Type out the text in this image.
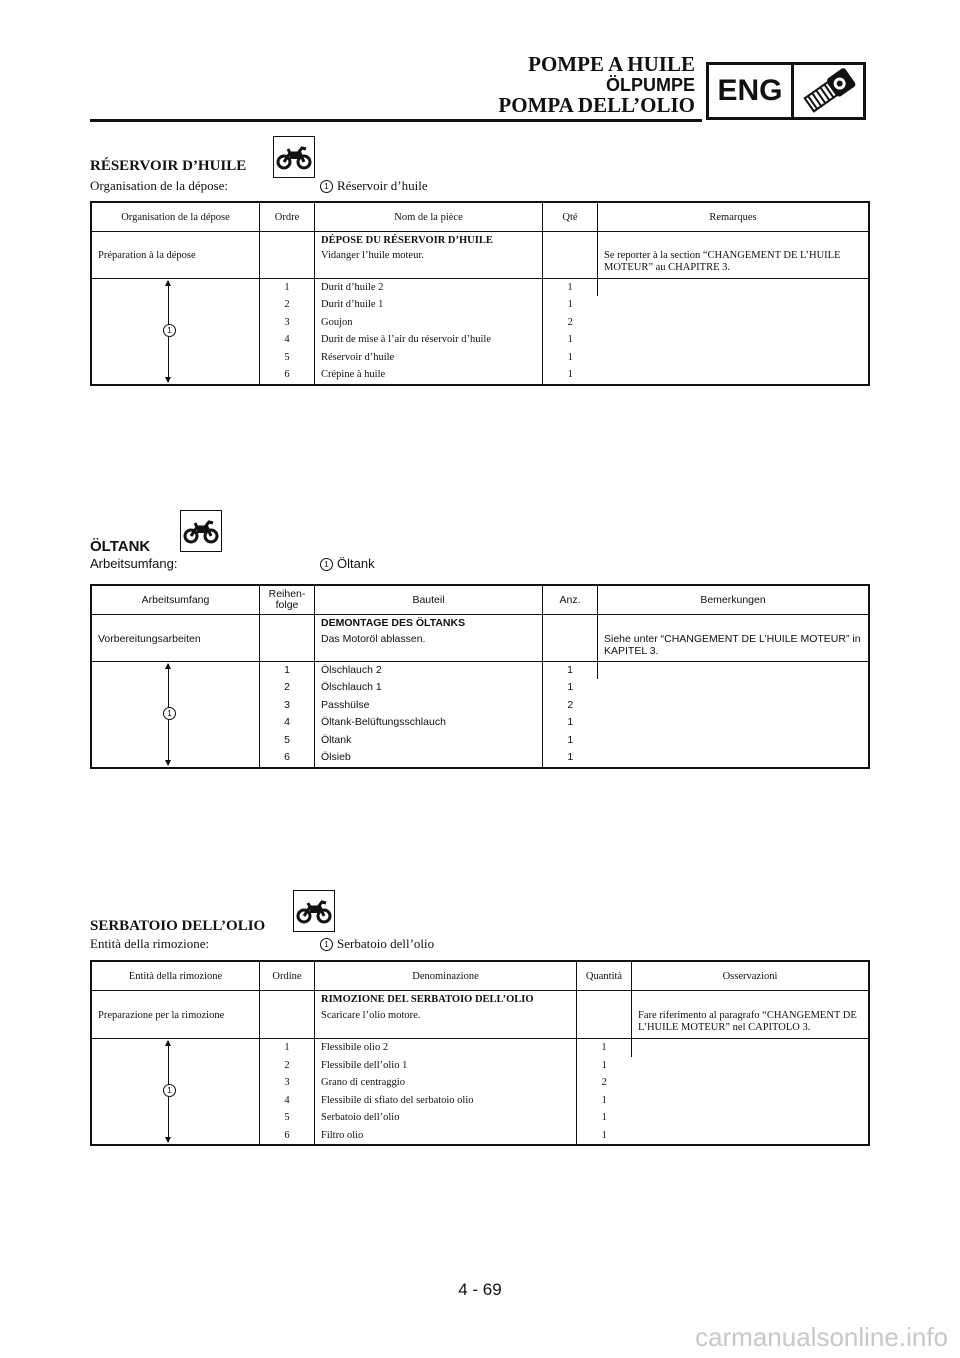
POMPE A HUILE
ÖLPUMPE
POMPA DELL’OLIO ENG
RÉSERVOIR D’HUILE
Organisation de la dépose:	1 Réservoir d’huile
Organisation de la dépose	Ordre	Nom de la pièce	Qté	Remarques
		DÉPOSE DU RÉSERVOIR D’HUILE		
Préparation à la dépose		Vidanger l’huile moteur.		Se reporter à la section “CHANGEMENT DE L’HUILE MOTEUR” au CHAPITRE 3.

1	1	Durit d’huile 2	1	
	2	Durit d’huile 1	1	
	3	Goujon	2	
	4	Durit de mise à l’air du réservoir d’huile	1	
	5	Réservoir d’huile	1	
	6	Crépine à huile	1	
ÖLTANK
Arbeitsumfang:	1 Öltank
Arbeitsumfang	Reihen-folge	Bauteil	Anz.	Bemerkungen
		DEMONTAGE DES ÖLTANKS		
Vorbereitungsarbeiten		Das Motoröl ablassen.		Siehe unter “CHANGEMENT DE L’HUILE MOTEUR” in KAPITEL 3.

1	1	Ölschlauch 2	1	
	2	Ölschlauch 1	1	
	3	Passhülse	2	
	4	Öltank-Belüftungsschlauch	1	
	5	Öltank	1	
	6	Ölsieb	1	
SERBATOIO DELL’OLIO
Entità della rimozione:	1 Serbatoio dell’olio
Entità della rimozione	Ordine	Denominazione	Quantità	Osservazioni
		RIMOZIONE DEL SERBATOIO DELL’OLIO		
Preparazione per la rimozione		Scaricare l’olio motore.		Fare riferimento al paragrafo “CHANGEMENT DE L’HUILE MOTEUR” nel CAPITOLO 3.

1	1	Flessibile olio 2	1	
	2	Flessibile dell’olio 1	1	
	3	Grano di centraggio	2	
	4	Flessibile di sfiato del serbatoio olio	1	
	5	Serbatoio dell’olio	1	
	6	Filtro olio	1	
4 - 69
carmanualsonline.info
